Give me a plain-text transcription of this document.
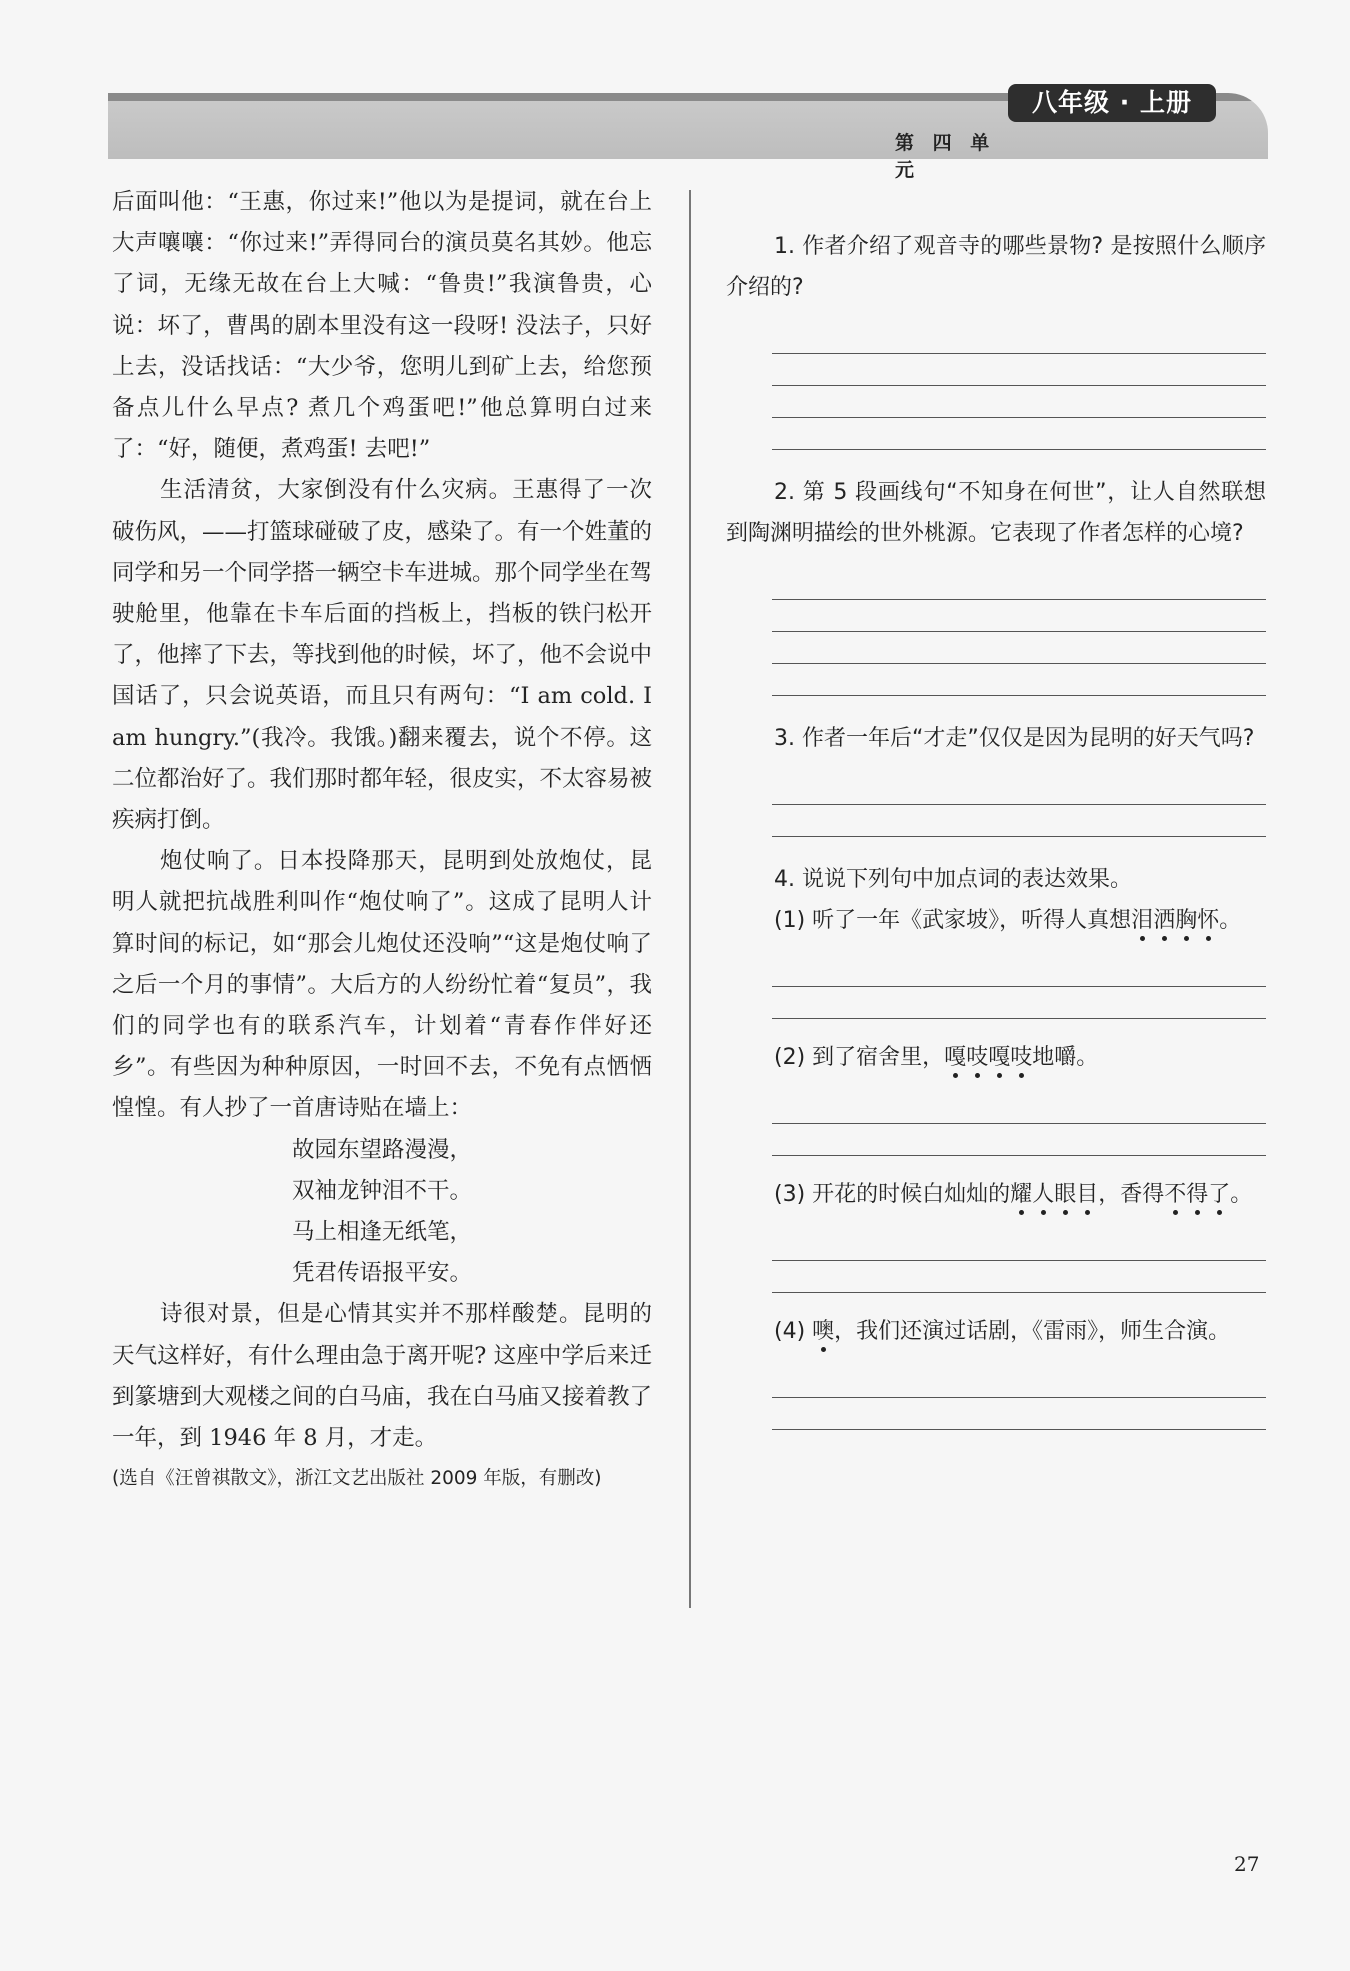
八年级 · 上册
第 四 单 元

后面叫他：“王惠，你过来!”他以为是提词，就在台上大声嚷嚷：“你过来!”弄得同台的演员莫名其妙。他忘了词，无缘无故在台上大喊：“鲁贵!”我演鲁贵，心说：坏了，曹禺的剧本里没有这一段呀! 没法子，只好上去，没话找话：“大少爷，您明儿到矿上去，给您预备点儿什么早点? 煮几个鸡蛋吧!”他总算明白过来了：“好，随便，煮鸡蛋! 去吧!”

生活清贫，大家倒没有什么灾病。王惠得了一次破伤风，——打篮球碰破了皮，感染了。有一个姓董的同学和另一个同学搭一辆空卡车进城。那个同学坐在驾驶舱里，他靠在卡车后面的挡板上，挡板的铁闩松开了，他摔了下去，等找到他的时候，坏了，他不会说中国话了，只会说英语，而且只有两句：“I am cold. I am hungry.”(我冷。我饿。)翻来覆去，说个不停。这二位都治好了。我们那时都年轻，很皮实，不太容易被疾病打倒。

炮仗响了。日本投降那天，昆明到处放炮仗，昆明人就把抗战胜利叫作“炮仗响了”。这成了昆明人计算时间的标记，如“那会儿炮仗还没响”“这是炮仗响了之后一个月的事情”。大后方的人纷纷忙着“复员”，我们的同学也有的联系汽车，计划着“青春作伴好还乡”。有些因为种种原因，一时回不去，不免有点恓恓惶惶。有人抄了一首唐诗贴在墙上：

故园东望路漫漫，
双袖龙钟泪不干。
马上相逢无纸笔，
凭君传语报平安。

诗很对景，但是心情其实并不那样酸楚。昆明的天气这样好，有什么理由急于离开呢? 这座中学后来迁到篆塘到大观楼之间的白马庙，我在白马庙又接着教了一年，到 1946 年 8 月，才走。

(选自《汪曾祺散文》，浙江文艺出版社 2009 年版，有删改)

1. 作者介绍了观音寺的哪些景物? 是按照什么顺序介绍的?

2. 第 5 段画线句“不知身在何世”，让人自然联想到陶渊明描绘的世外桃源。它表现了作者怎样的心境?

3. 作者一年后“才走”仅仅是因为昆明的好天气吗?

4. 说说下列句中加点词的表达效果。

(1) 听了一年《武家坡》，听得人真想泪洒胸怀。

(2) 到了宿舍里，嘎吱嘎吱地嚼。

(3) 开花的时候白灿灿的耀人眼目，香得不得了。

(4) 噢，我们还演过话剧，《雷雨》，师生合演。

27
